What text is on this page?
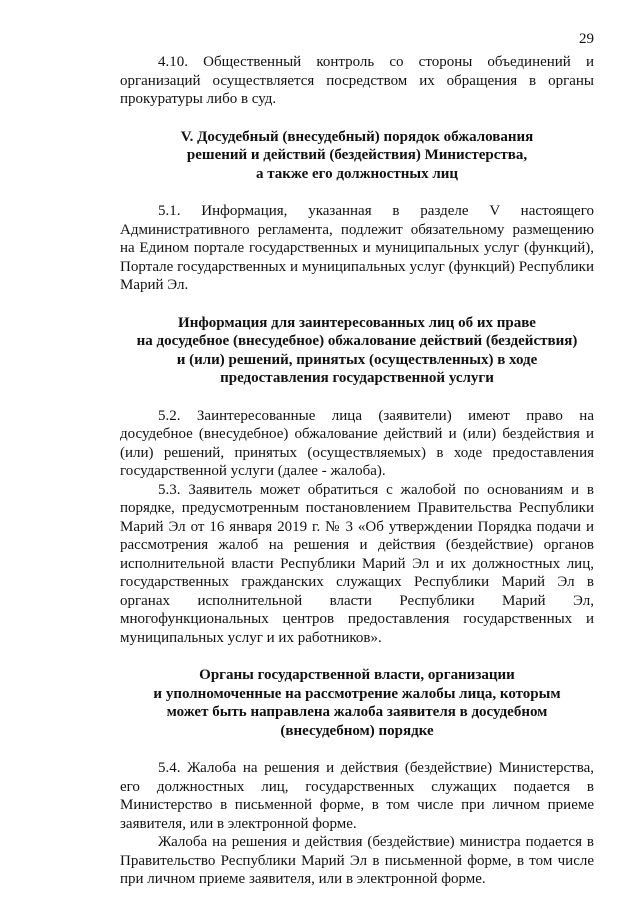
29

4.10. Общественный контроль со стороны объединений и организаций осуществляется посредством их обращения в органы прокуратуры либо в суд.

V. Досудебный (внесудебный) порядок обжалования
решений и действий (бездействия) Министерства,
а также его должностных лиц

5.1. Информация, указанная в разделе V настоящего Административного регламента, подлежит обязательному размещению на Едином портале государственных и муниципальных услуг (функций), Портале государственных и муниципальных услуг (функций) Республики Марий Эл.

Информация для заинтересованных лиц об их праве
на досудебное (внесудебное) обжалование действий (бездействия)
и (или) решений, принятых (осуществленных) в ходе
предоставления государственной услуги

5.2. Заинтересованные лица (заявители) имеют право на досудебное (внесудебное) обжалование действий и (или) бездействия и (или) решений, принятых (осуществляемых) в ходе предоставления государственной услуги (далее - жалоба).

5.3. Заявитель может обратиться с жалобой по основаниям и в порядке, предусмотренным постановлением Правительства Республики Марий Эл от 16 января 2019 г. № 3 «Об утверждении Порядка подачи и рассмотрения жалоб на решения и действия (бездействие) органов исполнительной власти Республики Марий Эл и их должностных лиц, государственных гражданских служащих Республики Марий Эл в органах исполнительной власти Республики Марий Эл, многофункциональных центров предоставления государственных и муниципальных услуг и их работников».

Органы государственной власти, организации
и уполномоченные на рассмотрение жалобы лица, которым
может быть направлена жалоба заявителя в досудебном
(внесудебном) порядке

5.4. Жалоба на решения и действия (бездействие) Министерства, его должностных лиц, государственных служащих подается в Министерство в письменной форме, в том числе при личном приеме заявителя, или в электронной форме.

Жалоба на решения и действия (бездействие) министра подается в Правительство Республики Марий Эл в письменной форме, в том числе при личном приеме заявителя, или в электронной форме.
